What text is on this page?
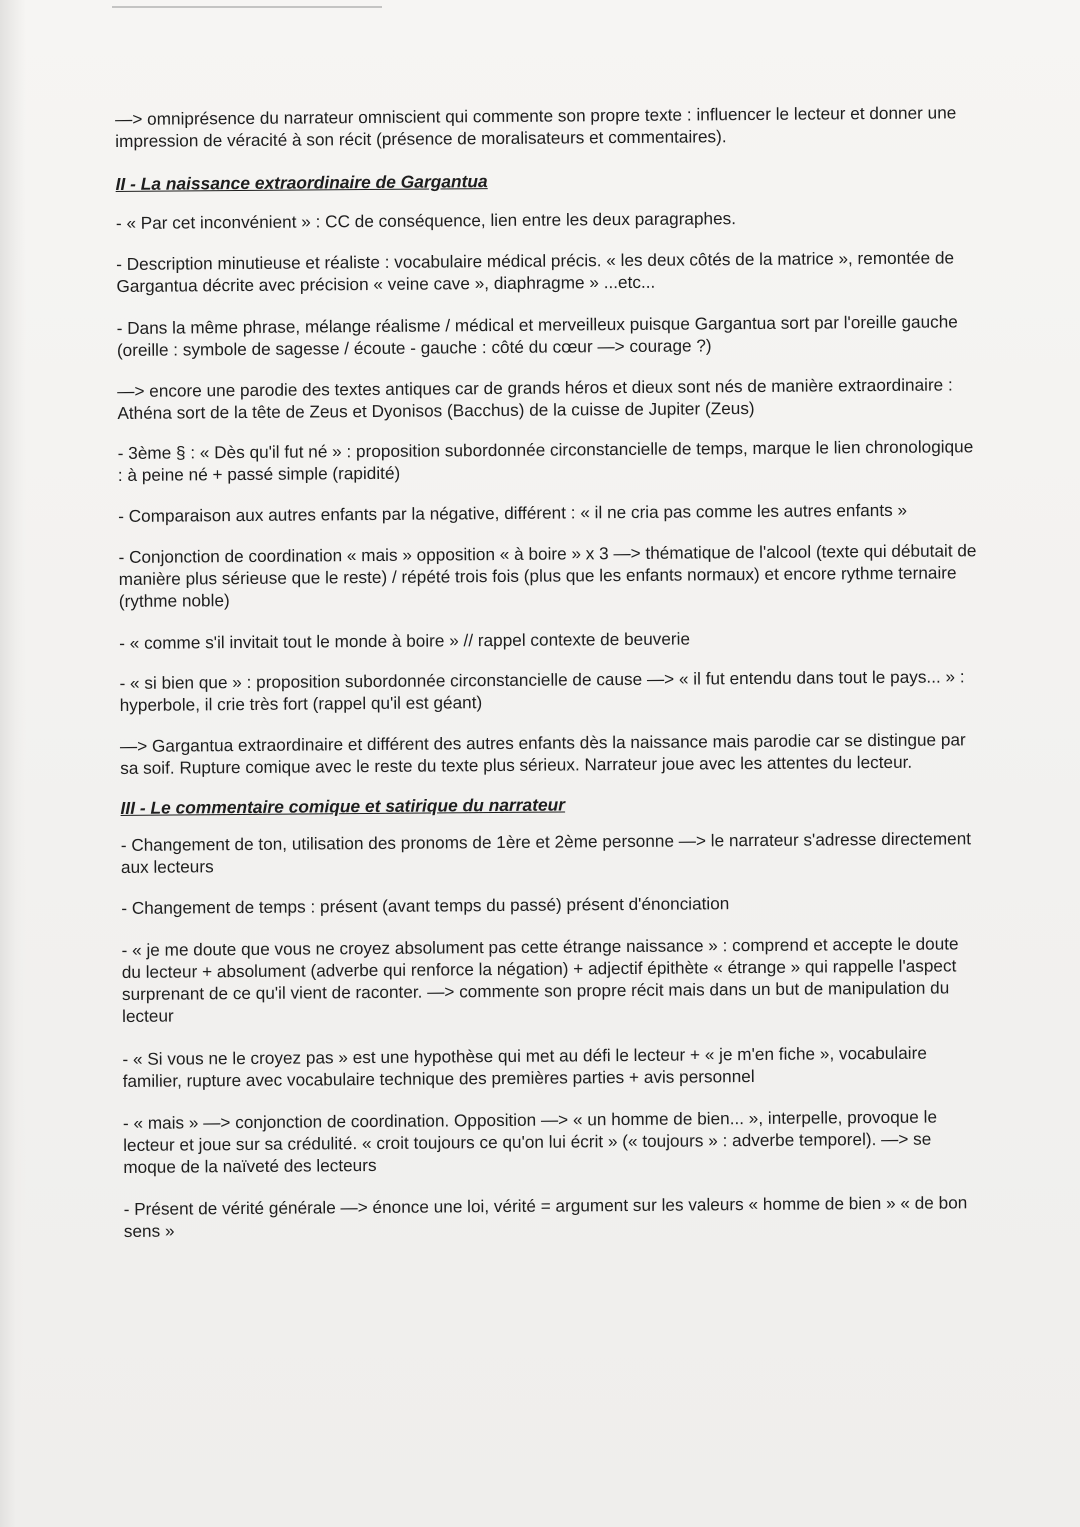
—> omniprésence du narrateur omniscient qui commente son propre texte : influencer le lecteur et donner une impression de véracité à son récit (présence de moralisateurs et commentaires).

II - La naissance extraordinaire de Gargantua

- « Par cet inconvénient » : CC de conséquence, lien entre les deux paragraphes.

- Description minutieuse et réaliste : vocabulaire médical précis. « les deux côtés de la matrice », remontée de Gargantua décrite avec précision « veine cave », diaphragme » ...etc...

- Dans la même phrase, mélange réalisme / médical et merveilleux puisque Gargantua sort par l'oreille gauche (oreille : symbole de sagesse / écoute - gauche : côté du cœur —> courage ?)

—> encore une parodie des textes antiques car de grands héros et dieux sont nés de manière extraordinaire : Athéna sort de la tête de Zeus et Dyonisos (Bacchus) de la cuisse de Jupiter (Zeus)

- 3ème § : « Dès qu'il fut né » : proposition subordonnée circonstancielle de temps, marque le lien chronologique : à peine né + passé simple (rapidité)

- Comparaison aux autres enfants par la négative, différent : « il ne cria pas comme les autres enfants »

- Conjonction de coordination « mais » opposition « à boire » x 3 —> thématique de l'alcool (texte qui débutait de manière plus sérieuse que le reste) / répété trois fois (plus que les enfants normaux) et encore rythme ternaire (rythme noble)

- « comme s'il invitait tout le monde à boire » // rappel contexte de beuverie

- « si bien que » : proposition subordonnée circonstancielle de cause —> « il fut entendu dans tout le pays... » : hyperbole, il crie très fort (rappel qu'il est géant)

—> Gargantua extraordinaire et différent des autres enfants dès la naissance mais parodie car se distingue par sa soif. Rupture comique avec le reste du texte plus sérieux. Narrateur joue avec les attentes du lecteur.

III - Le commentaire comique et satirique du narrateur

- Changement de ton, utilisation des pronoms de 1ère et 2ème personne —> le narrateur s'adresse directement aux lecteurs

- Changement de temps : présent (avant temps du passé) présent d'énonciation

- « je me doute que vous ne croyez absolument pas cette étrange naissance » : comprend et accepte le doute du lecteur + absolument (adverbe qui renforce la négation) + adjectif épithète « étrange » qui rappelle l'aspect surprenant de ce qu'il vient de raconter. —> commente son propre récit mais dans un but de manipulation du lecteur

- « Si vous ne le croyez pas » est une hypothèse qui met au défi le lecteur + « je m'en fiche », vocabulaire familier, rupture avec vocabulaire technique des premières parties + avis personnel

- « mais » —> conjonction de coordination. Opposition —> « un homme de bien... », interpelle, provoque le lecteur et joue sur sa crédulité. « croit toujours ce qu'on lui écrit » (« toujours » : adverbe temporel). —> se moque de la naïveté des lecteurs

- Présent de vérité générale —> énonce une loi, vérité = argument sur les valeurs « homme de bien » « de bon sens »
